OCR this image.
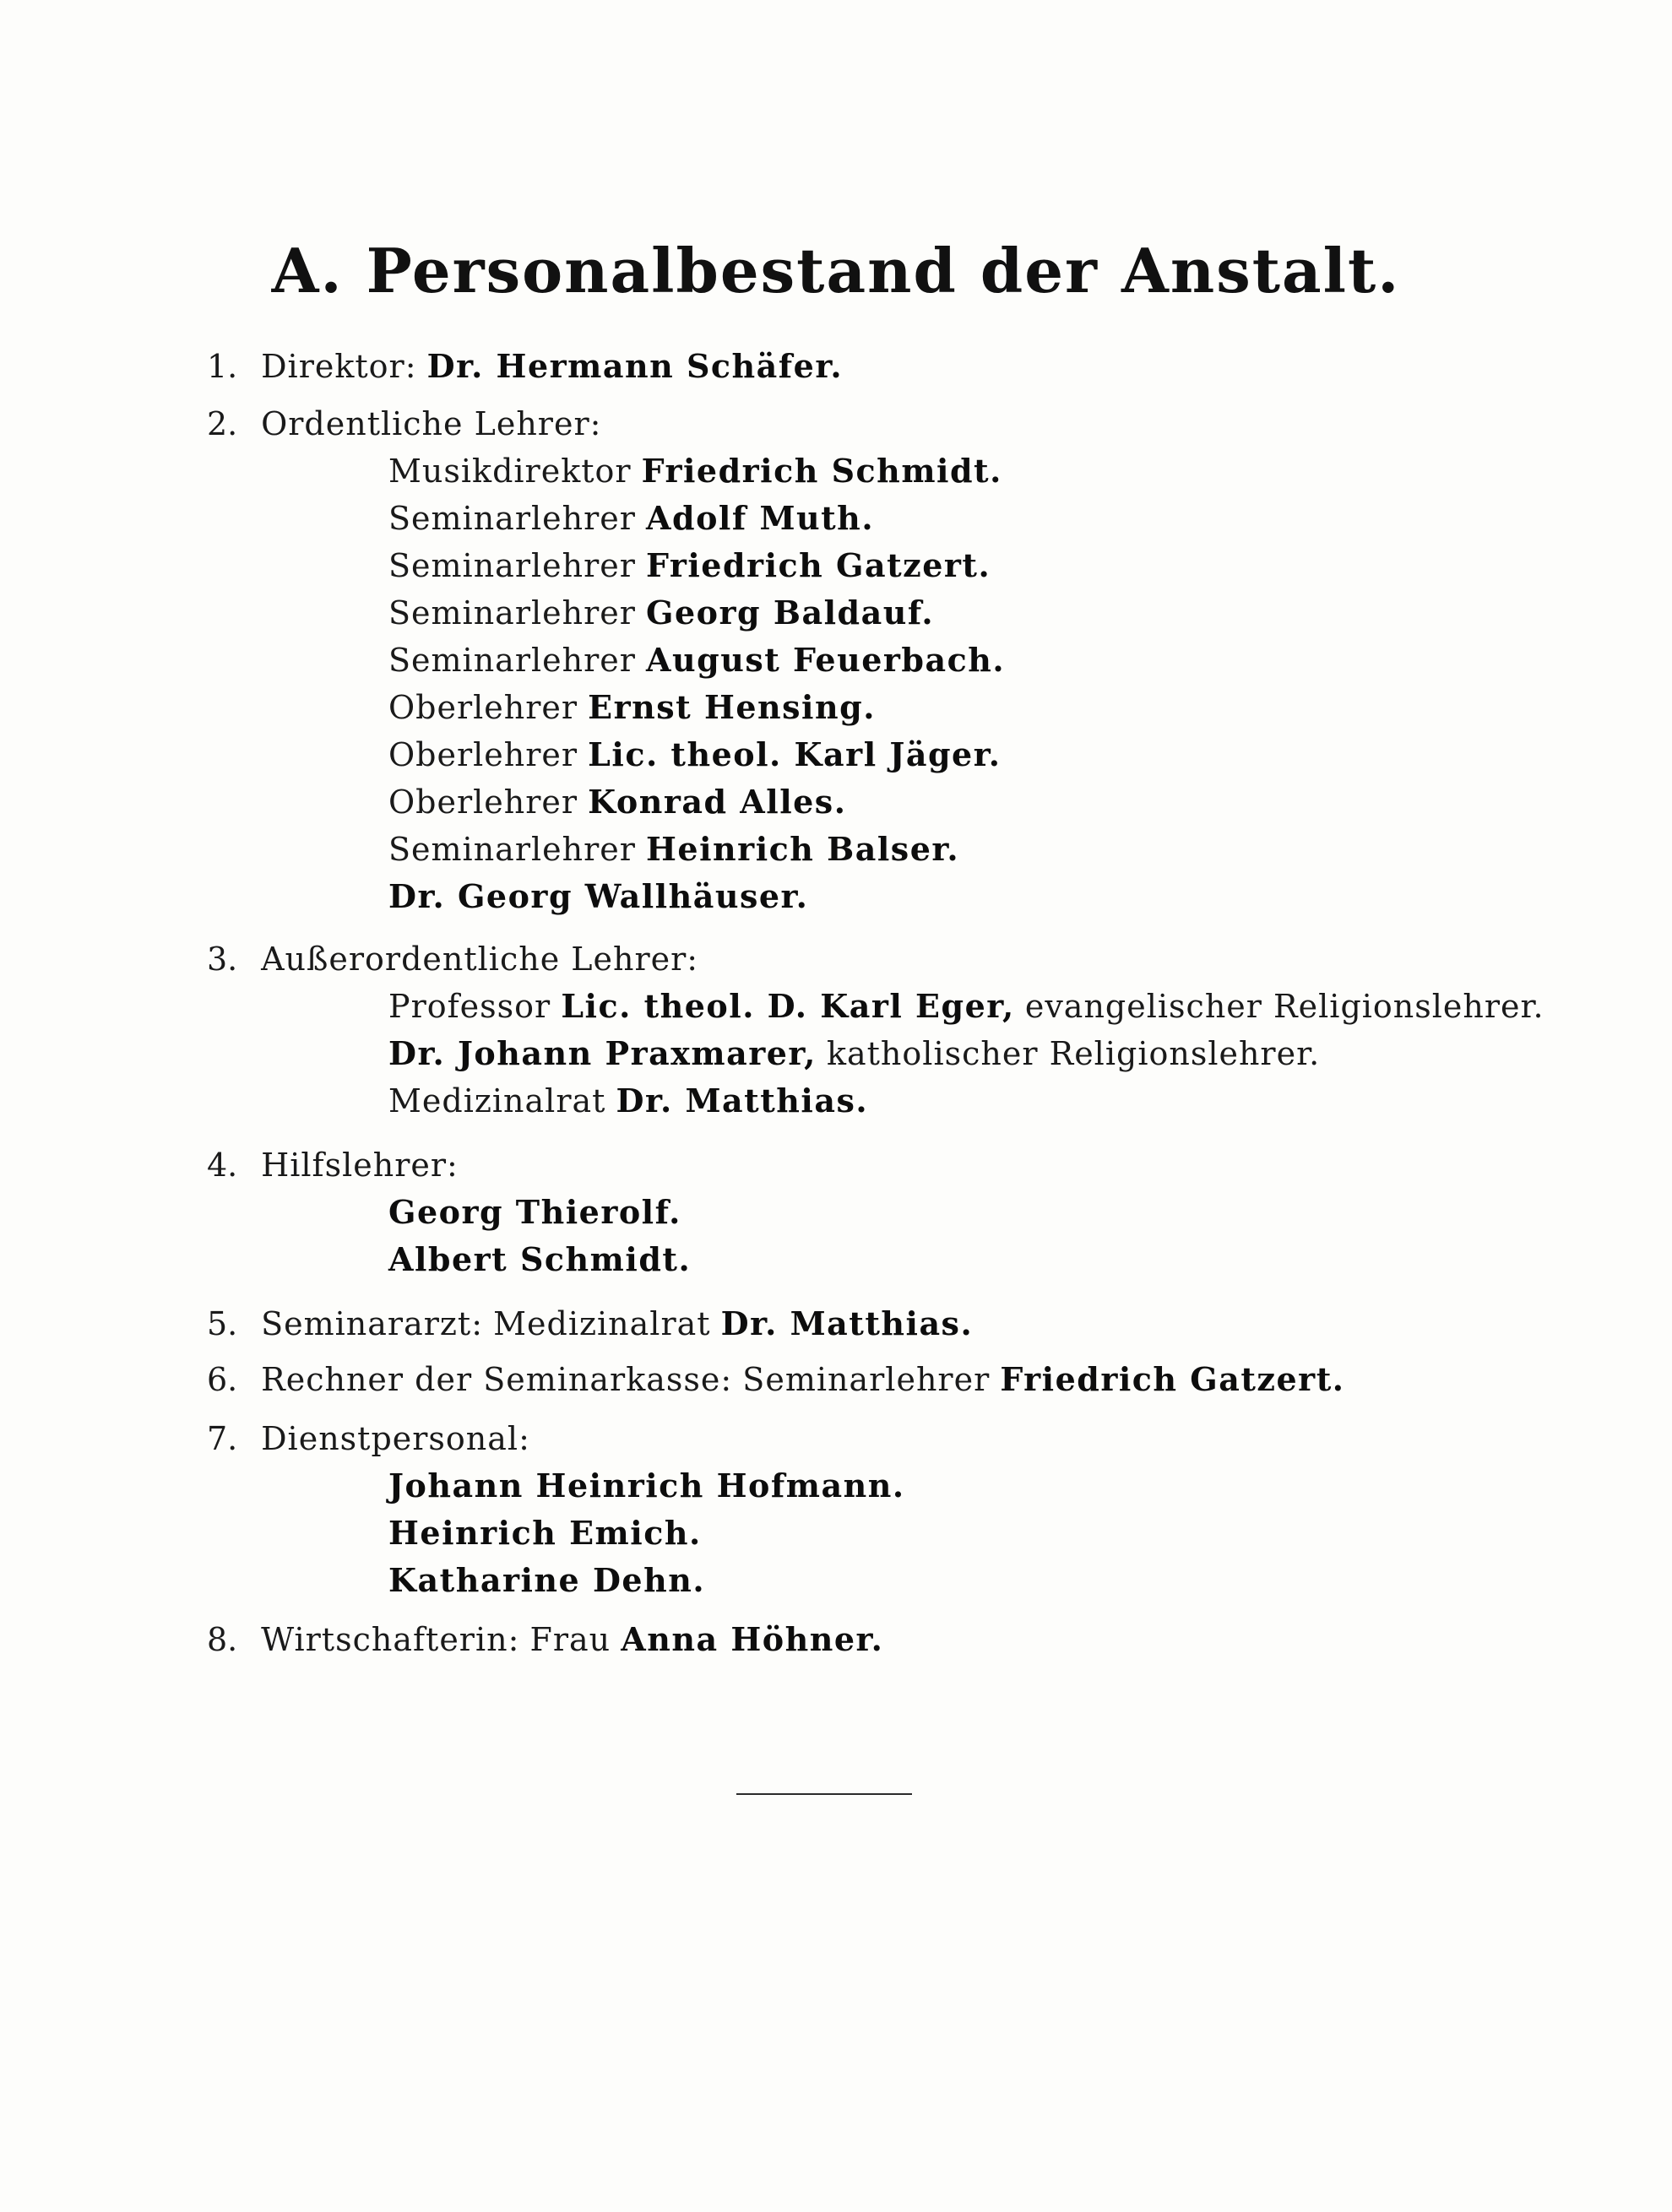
A. Personalbestand der Anstalt.
1. Direktor: Dr. Hermann Schäfer.
2. Ordentliche Lehrer:
Musikdirektor Friedrich Schmidt.
Seminarlehrer Adolf Muth.
Seminarlehrer Friedrich Gatzert.
Seminarlehrer Georg Baldauf.
Seminarlehrer August Feuerbach.
Oberlehrer Ernst Hensing.
Oberlehrer Lic. theol. Karl Jäger.
Oberlehrer Konrad Alles.
Seminarlehrer Heinrich Balser.
Dr. Georg Wallhäuser.
3. Außerordentliche Lehrer:
Professor Lic. theol. D. Karl Eger, evangelischer Religionslehrer.
Dr. Johann Praxmarer, katholischer Religionslehrer.
Medizinalrat Dr. Matthias.
4. Hilfslehrer:
Georg Thierolf.
Albert Schmidt.
5. Seminararzt: Medizinalrat Dr. Matthias.
6. Rechner der Seminarkasse: Seminarlehrer Friedrich Gatzert.
7. Dienstpersonal:
Johann Heinrich Hofmann.
Heinrich Emich.
Katharine Dehn.
8. Wirtschafterin: Frau Anna Höhner.
